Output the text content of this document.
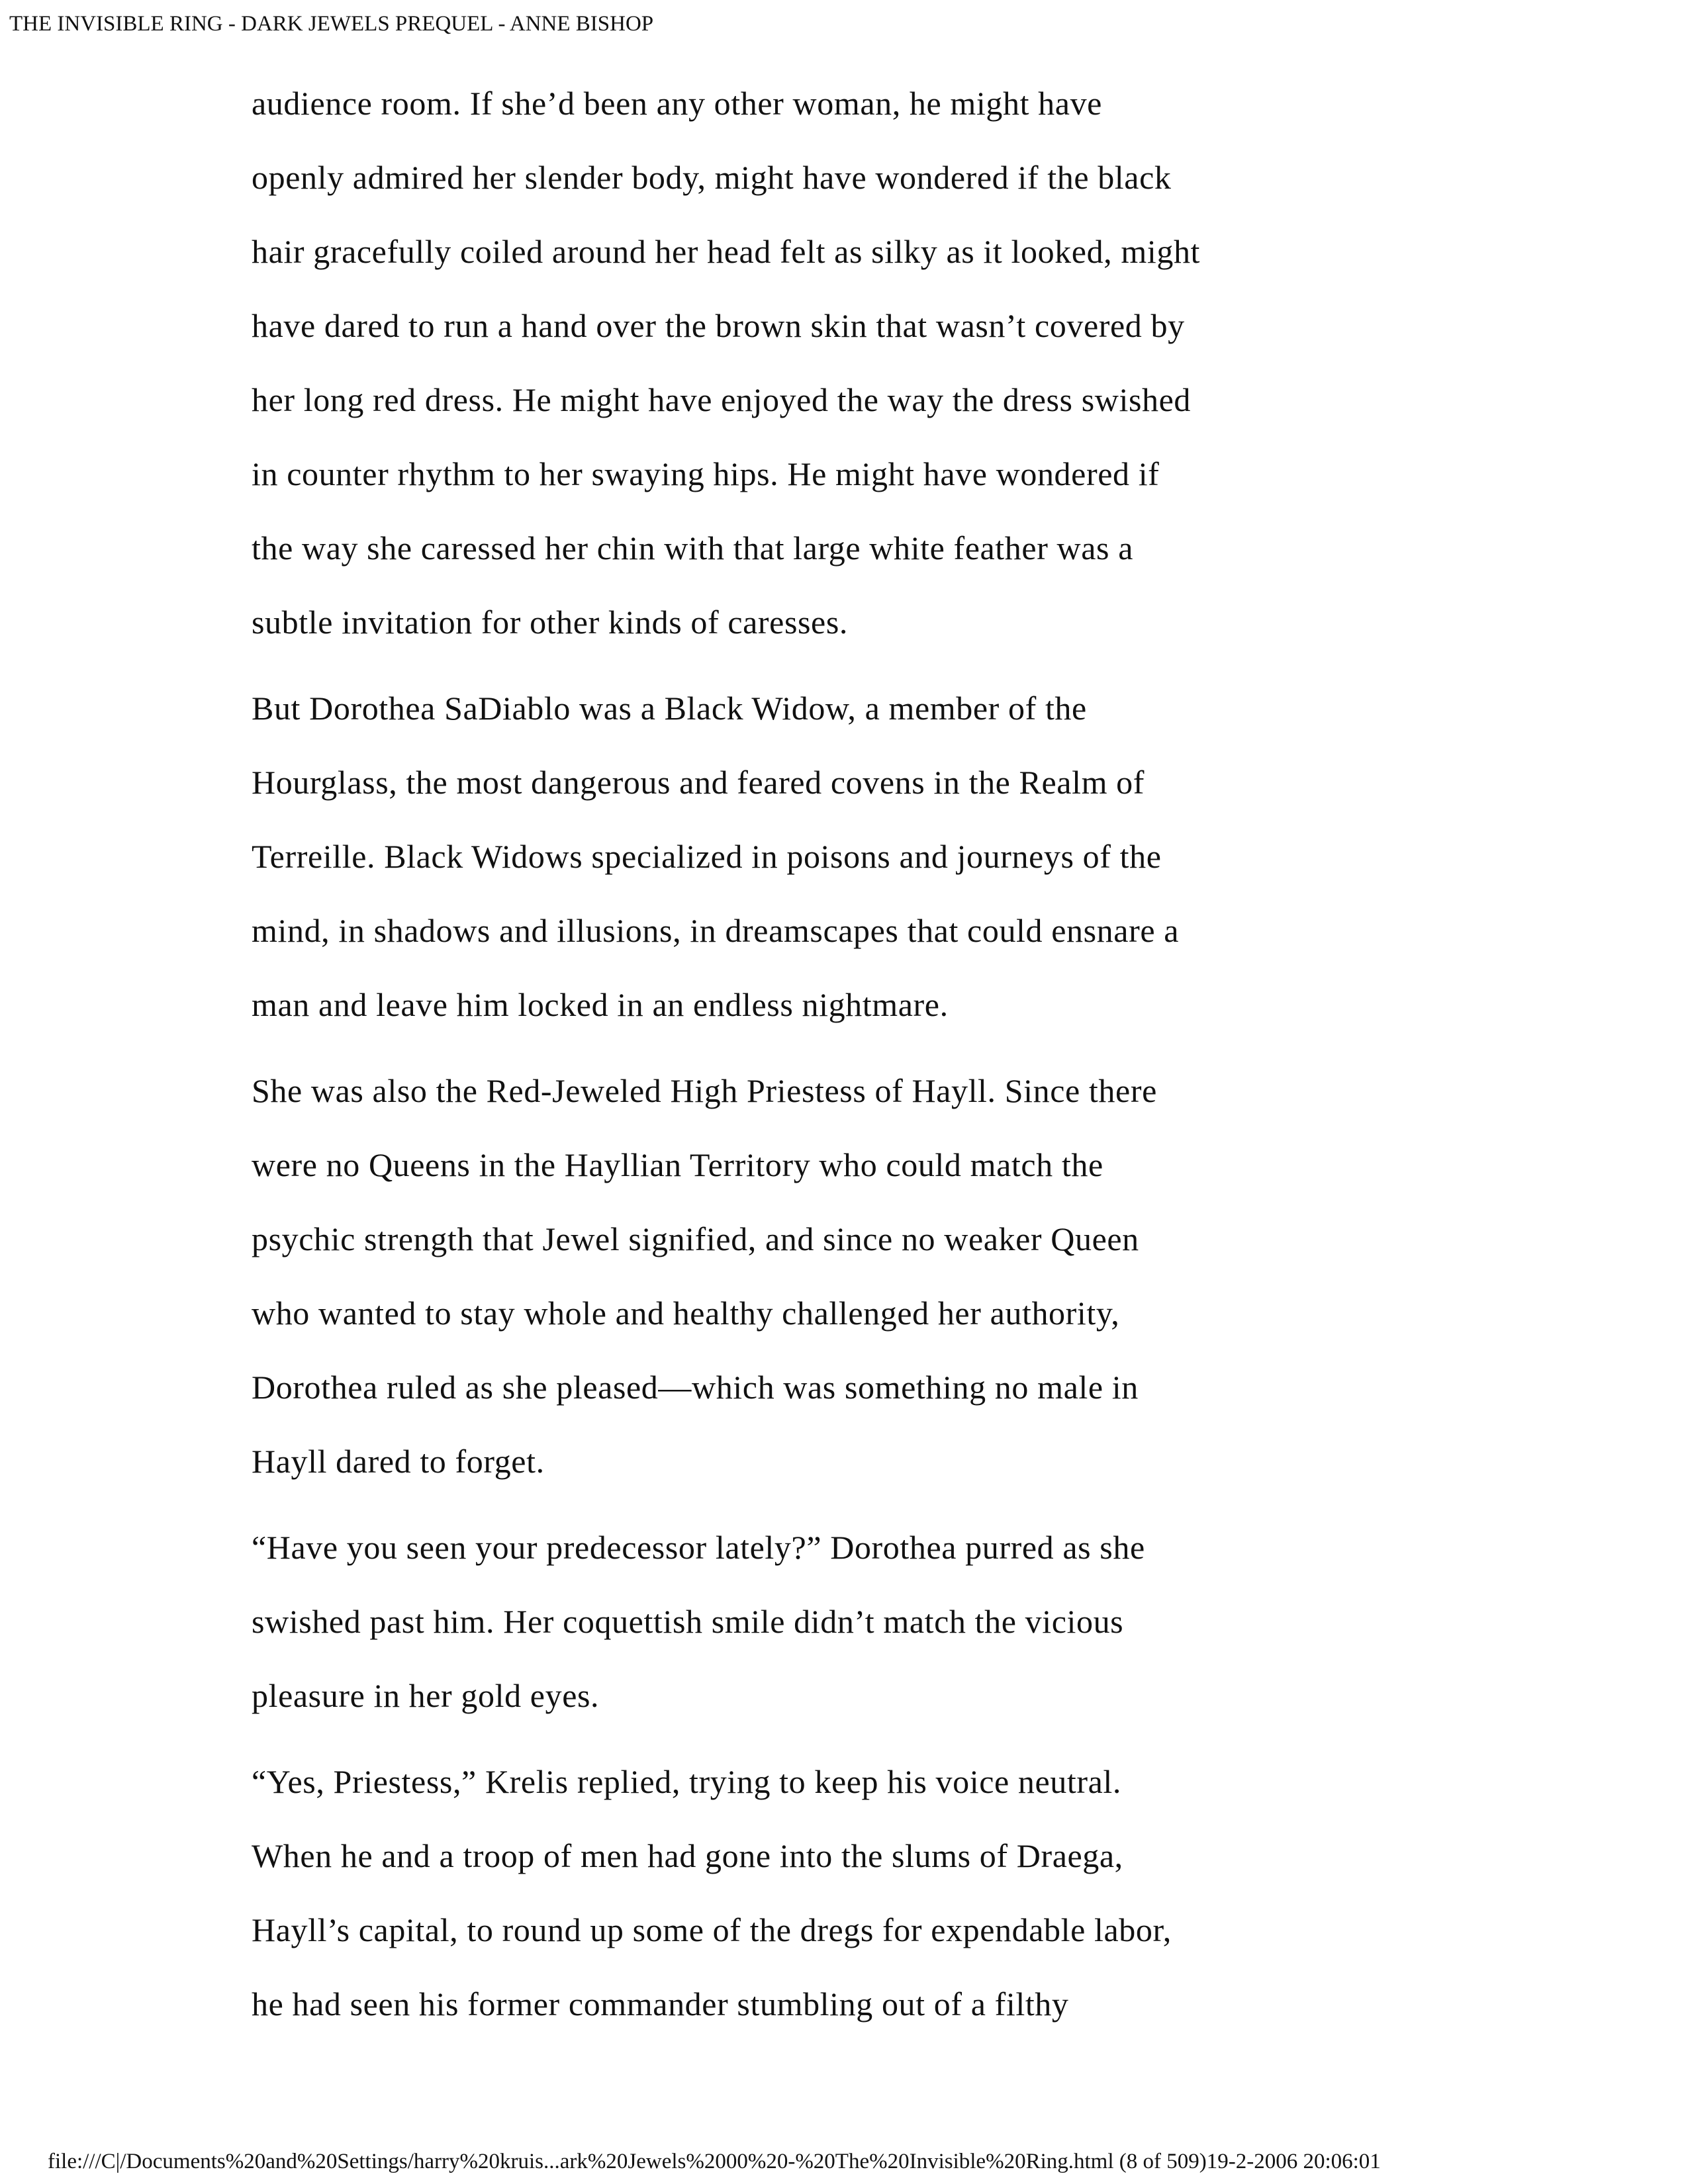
THE INVISIBLE RING - DARK JEWELS PREQUEL - ANNE BISHOP
audience room. If she’d been any other woman, he might have
openly admired her slender body, might have wondered if the black
hair gracefully coiled around her head felt as silky as it looked, might
have dared to run a hand over the brown skin that wasn’t covered by
her long red dress. He might have enjoyed the way the dress swished
in counter rhythm to her swaying hips. He might have wondered if
the way she caressed her chin with that large white feather was a
subtle invitation for other kinds of caresses.
But Dorothea SaDiablo was a Black Widow, a member of the
Hourglass, the most dangerous and feared covens in the Realm of
Terreille. Black Widows specialized in poisons and journeys of the
mind, in shadows and illusions, in dreamscapes that could ensnare a
man and leave him locked in an endless nightmare.
She was also the Red-Jeweled High Priestess of Hayll. Since there
were no Queens in the Hayllian Territory who could match the
psychic strength that Jewel signified, and since no weaker Queen
who wanted to stay whole and healthy challenged her authority,
Dorothea ruled as she pleased—which was something no male in
Hayll dared to forget.
“Have you seen your predecessor lately?” Dorothea purred as she
swished past him. Her coquettish smile didn’t match the vicious
pleasure in her gold eyes.
“Yes, Priestess,” Krelis replied, trying to keep his voice neutral.
When he and a troop of men had gone into the slums of Draega,
Hayll’s capital, to round up some of the dregs for expendable labor,
he had seen his former commander stumbling out of a filthy
file:///C|/Documents%20and%20Settings/harry%20kruis...ark%20Jewels%2000%20-%20The%20Invisible%20Ring.html (8 of 509)19-2-2006 20:06:01
